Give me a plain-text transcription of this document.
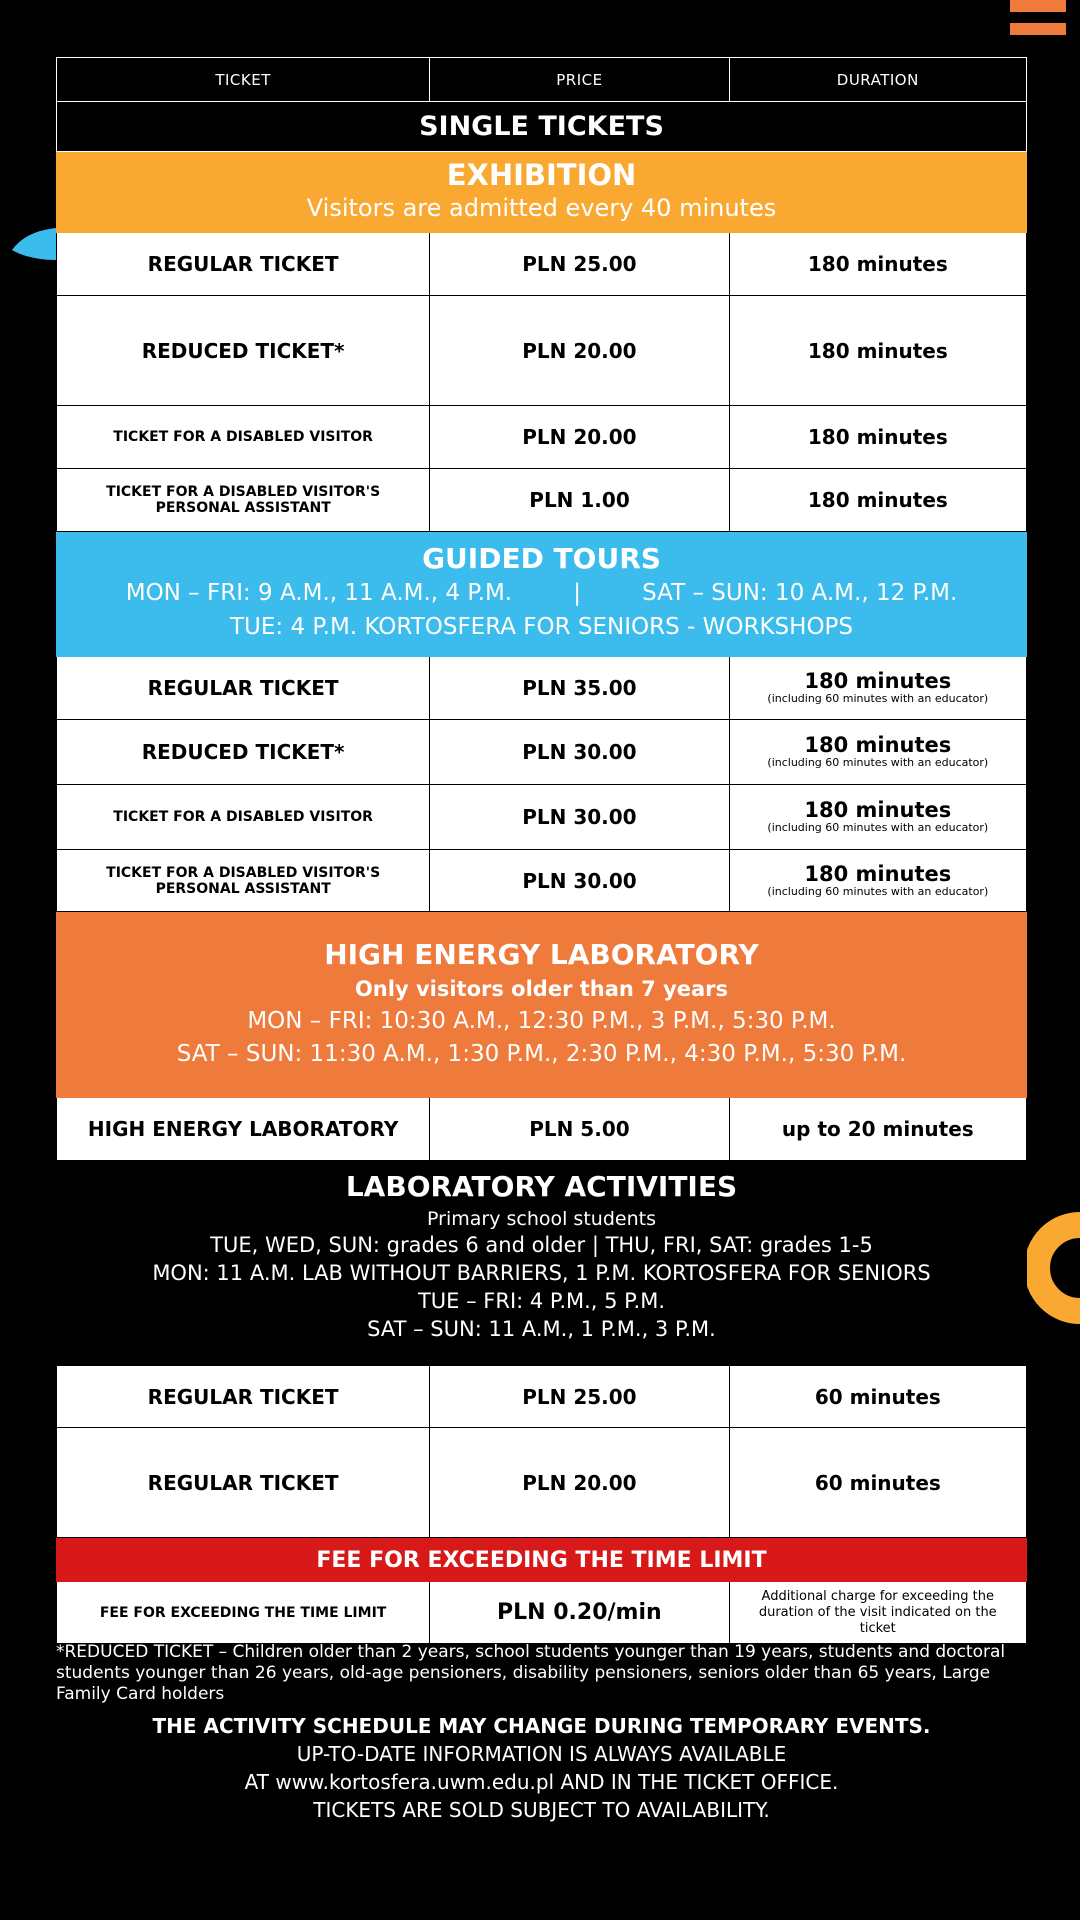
TICKET	PRICE	DURATION
SINGLE TICKETS
EXHIBITION
Visitors are admitted every 40 minutes
REGULAR TICKET	PLN 25.00	180 minutes
REDUCED TICKET*	PLN 20.00	180 minutes
TICKET FOR A DISABLED VISITOR	PLN 20.00	180 minutes
TICKET FOR A DISABLED VISITOR'S PERSONAL ASSISTANT	PLN 1.00	180 minutes
GUIDED TOURS
MON – FRI: 9 A.M., 11 A.M., 4 P.M.	|	SAT – SUN: 10 A.M., 12 P.M.
TUE: 4 P.M. KORTOSFERA FOR SENIORS - WORKSHOPS
REGULAR TICKET	PLN 35.00	180 minutes
(including 60 minutes with an educator)
REDUCED TICKET*	PLN 30.00	180 minutes
(including 60 minutes with an educator)
TICKET FOR A DISABLED VISITOR	PLN 30.00	180 minutes
(including 60 minutes with an educator)
TICKET FOR A DISABLED VISITOR'S PERSONAL ASSISTANT	PLN 30.00	180 minutes
(including 60 minutes with an educator)
HIGH ENERGY LABORATORY
Only visitors older than 7 years
MON – FRI: 10:30 A.M., 12:30 P.M., 3 P.M., 5:30 P.M.
SAT – SUN: 11:30 A.M., 1:30 P.M., 2:30 P.M., 4:30 P.M., 5:30 P.M.
HIGH ENERGY LABORATORY	PLN 5.00	up to 20 minutes
LABORATORY ACTIVITIES
Primary school students
TUE, WED, SUN: grades 6 and older | THU, FRI, SAT: grades 1-5
MON: 11 A.M. LAB WITHOUT BARRIERS, 1 P.M. KORTOSFERA FOR SENIORS
TUE – FRI: 4 P.M., 5 P.M.
SAT – SUN: 11 A.M., 1 P.M., 3 P.M.
REGULAR TICKET	PLN 25.00	60 minutes
REGULAR TICKET	PLN 20.00	60 minutes
FEE FOR EXCEEDING THE TIME LIMIT
FEE FOR EXCEEDING THE TIME LIMIT	PLN 0.20/min
Additional charge for exceeding the duration of the visit indicated on the ticket
*REDUCED TICKET – Children older than 2 years, school students younger than 19 years, students and doctoral students younger than 26 years, old-age pensioners, disability pensioners, seniors older than 65 years, Large Family Card holders
THE ACTIVITY SCHEDULE MAY CHANGE DURING TEMPORARY EVENTS.
UP-TO-DATE INFORMATION IS ALWAYS AVAILABLE
AT www.kortosfera.uwm.edu.pl AND IN THE TICKET OFFICE.
TICKETS ARE SOLD SUBJECT TO AVAILABILITY.
